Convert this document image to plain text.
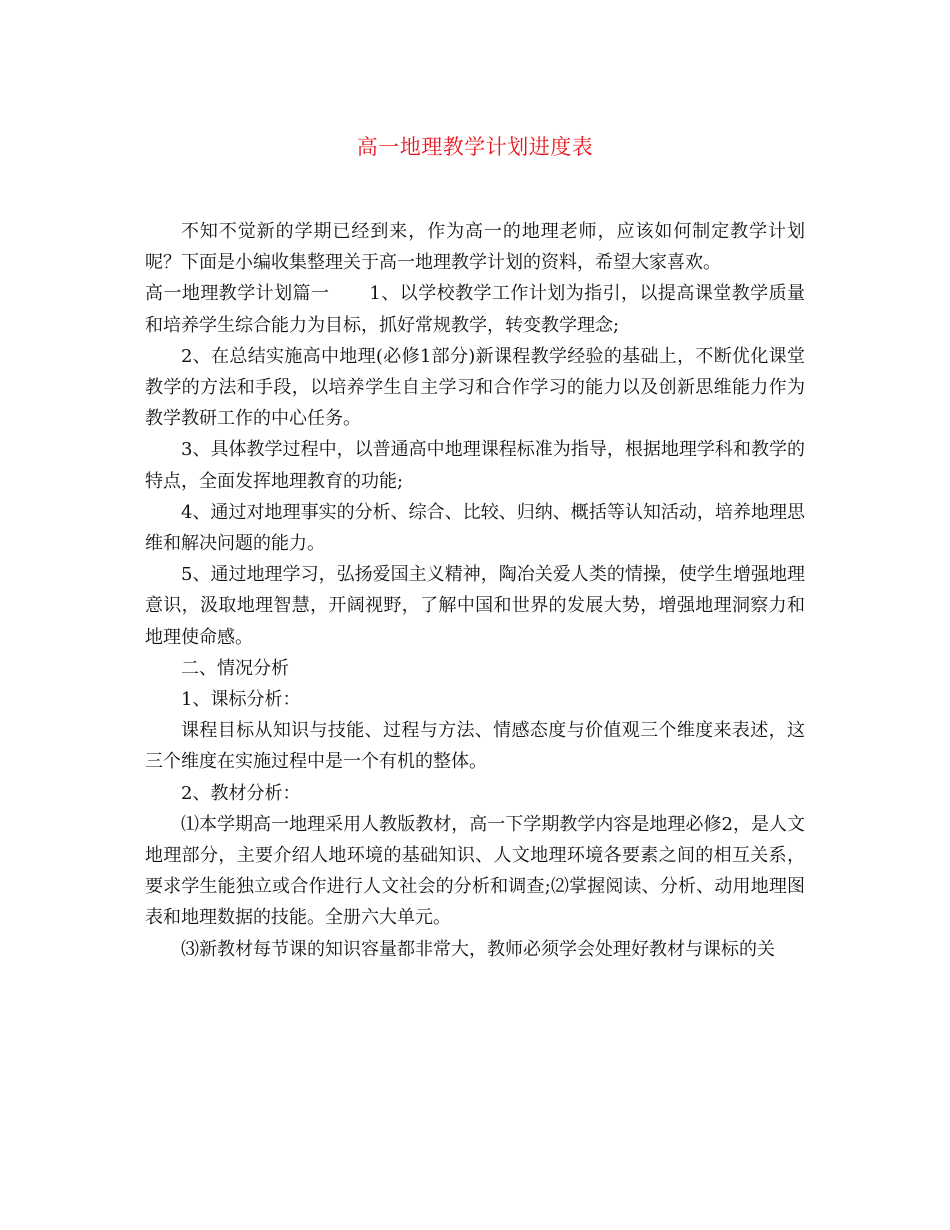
高一地理教学计划进度表

不知不觉新的学期已经到来，作为高一的地理老师，应该如何制定教学计划呢？下面是小编收集整理关于高一地理教学计划的资料，希望大家喜欢。

高一地理教学计划篇一 1、以学校教学工作计划为指引，以提高课堂教学质量和培养学生综合能力为目标，抓好常规教学，转变教学理念;

2、在总结实施高中地理(必修1部分)新课程教学经验的基础上，不断优化课堂教学的方法和手段，以培养学生自主学习和合作学习的能力以及创新思维能力作为教学教研工作的中心任务。

3、具体教学过程中，以普通高中地理课程标准为指导，根据地理学科和教学的特点，全面发挥地理教育的功能;

4、通过对地理事实的分析、综合、比较、归纳、概括等认知活动，培养地理思维和解决问题的能力。

5、通过地理学习，弘扬爱国主义精神，陶冶关爱人类的情操，使学生增强地理意识，汲取地理智慧，开阔视野，了解中国和世界的发展大势，增强地理洞察力和地理使命感。

二、情况分析

1、课标分析：

课程目标从知识与技能、过程与方法、情感态度与价值观三个维度来表述，这三个维度在实施过程中是一个有机的整体。

2、教材分析：

⑴本学期高一地理采用人教版教材，高一下学期教学内容是地理必修2，是人文地理部分，主要介绍人地环境的基础知识、人文地理环境各要素之间的相互关系，要求学生能独立或合作进行人文社会的分析和调查;⑵掌握阅读、分析、动用地理图表和地理数据的技能。全册六大单元。

⑶新教材每节课的知识容量都非常大，教师必须学会处理好教材与课标的关
